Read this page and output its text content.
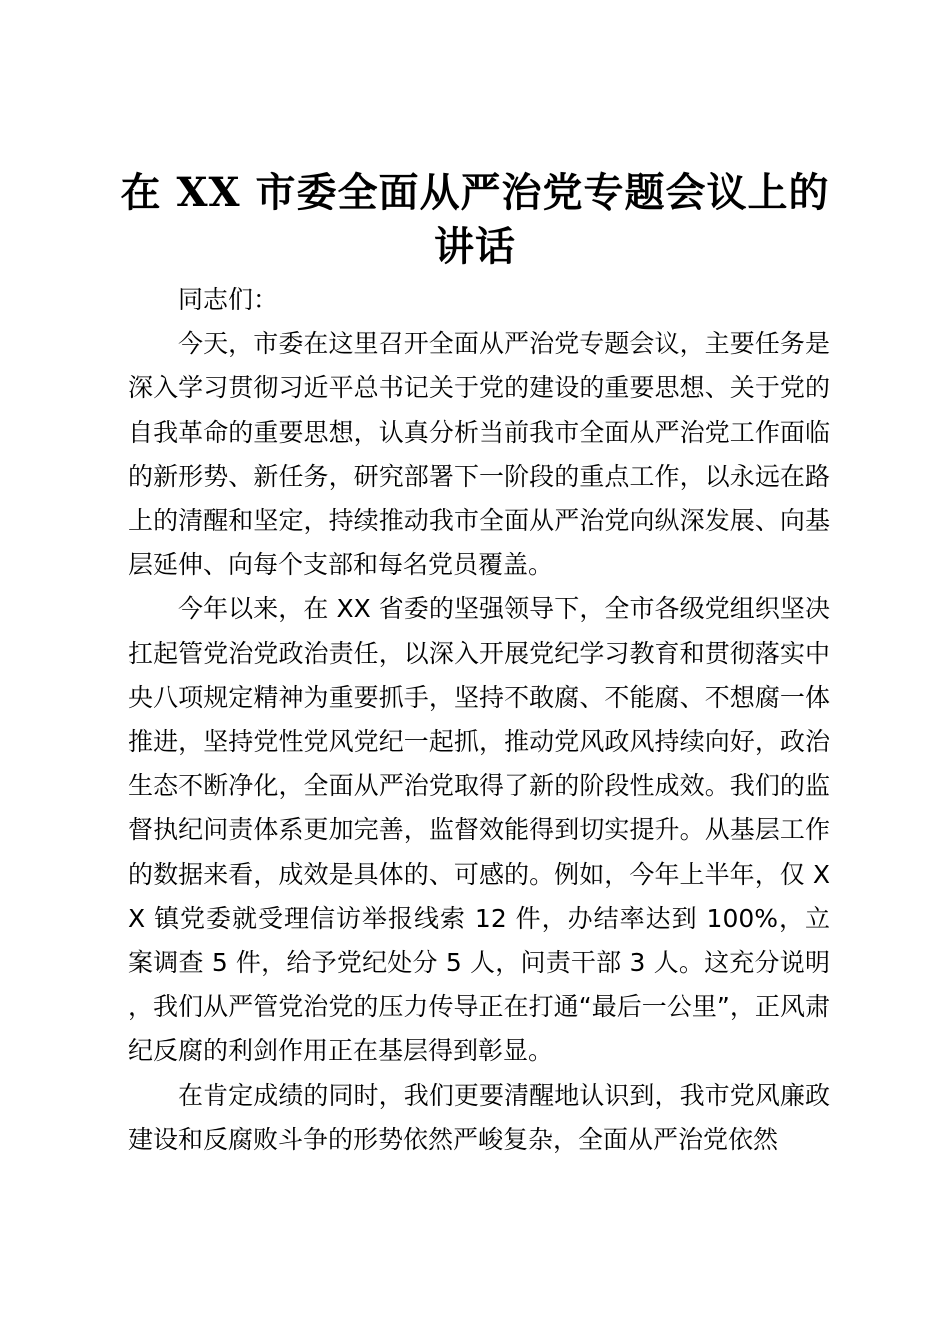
在 XX 市委全面从严治党专题会议上的
讲话

同志们：

今天，市委在这里召开全面从严治党专题会议，主要任务是深入学习贯彻习近平总书记关于党的建设的重要思想、关于党的自我革命的重要思想，认真分析当前我市全面从严治党工作面临的新形势、新任务，研究部署下一阶段的重点工作，以永远在路上的清醒和坚定，持续推动我市全面从严治党向纵深发展、向基层延伸、向每个支部和每名党员覆盖。

今年以来，在 XX 省委的坚强领导下，全市各级党组织坚决扛起管党治党政治责任，以深入开展党纪学习教育和贯彻落实中央八项规定精神为重要抓手，坚持不敢腐、不能腐、不想腐一体推进，坚持党性党风党纪一起抓，推动党风政风持续向好，政治生态不断净化，全面从严治党取得了新的阶段性成效。我们的监督执纪问责体系更加完善，监督效能得到切实提升。从基层工作的数据来看，成效是具体的、可感的。例如，今年上半年，仅 XX 镇党委就受理信访举报线索 12 件，办结率达到 100%，立案调查 5 件，给予党纪处分 5 人，问责干部 3 人。这充分说明，我们从严管党治党的压力传导正在打通“最后一公里”，正风肃纪反腐的利剑作用正在基层得到彰显。

在肯定成绩的同时，我们更要清醒地认识到，我市党风廉政建设和反腐败斗争的形势依然严峻复杂，全面从严治党依然
